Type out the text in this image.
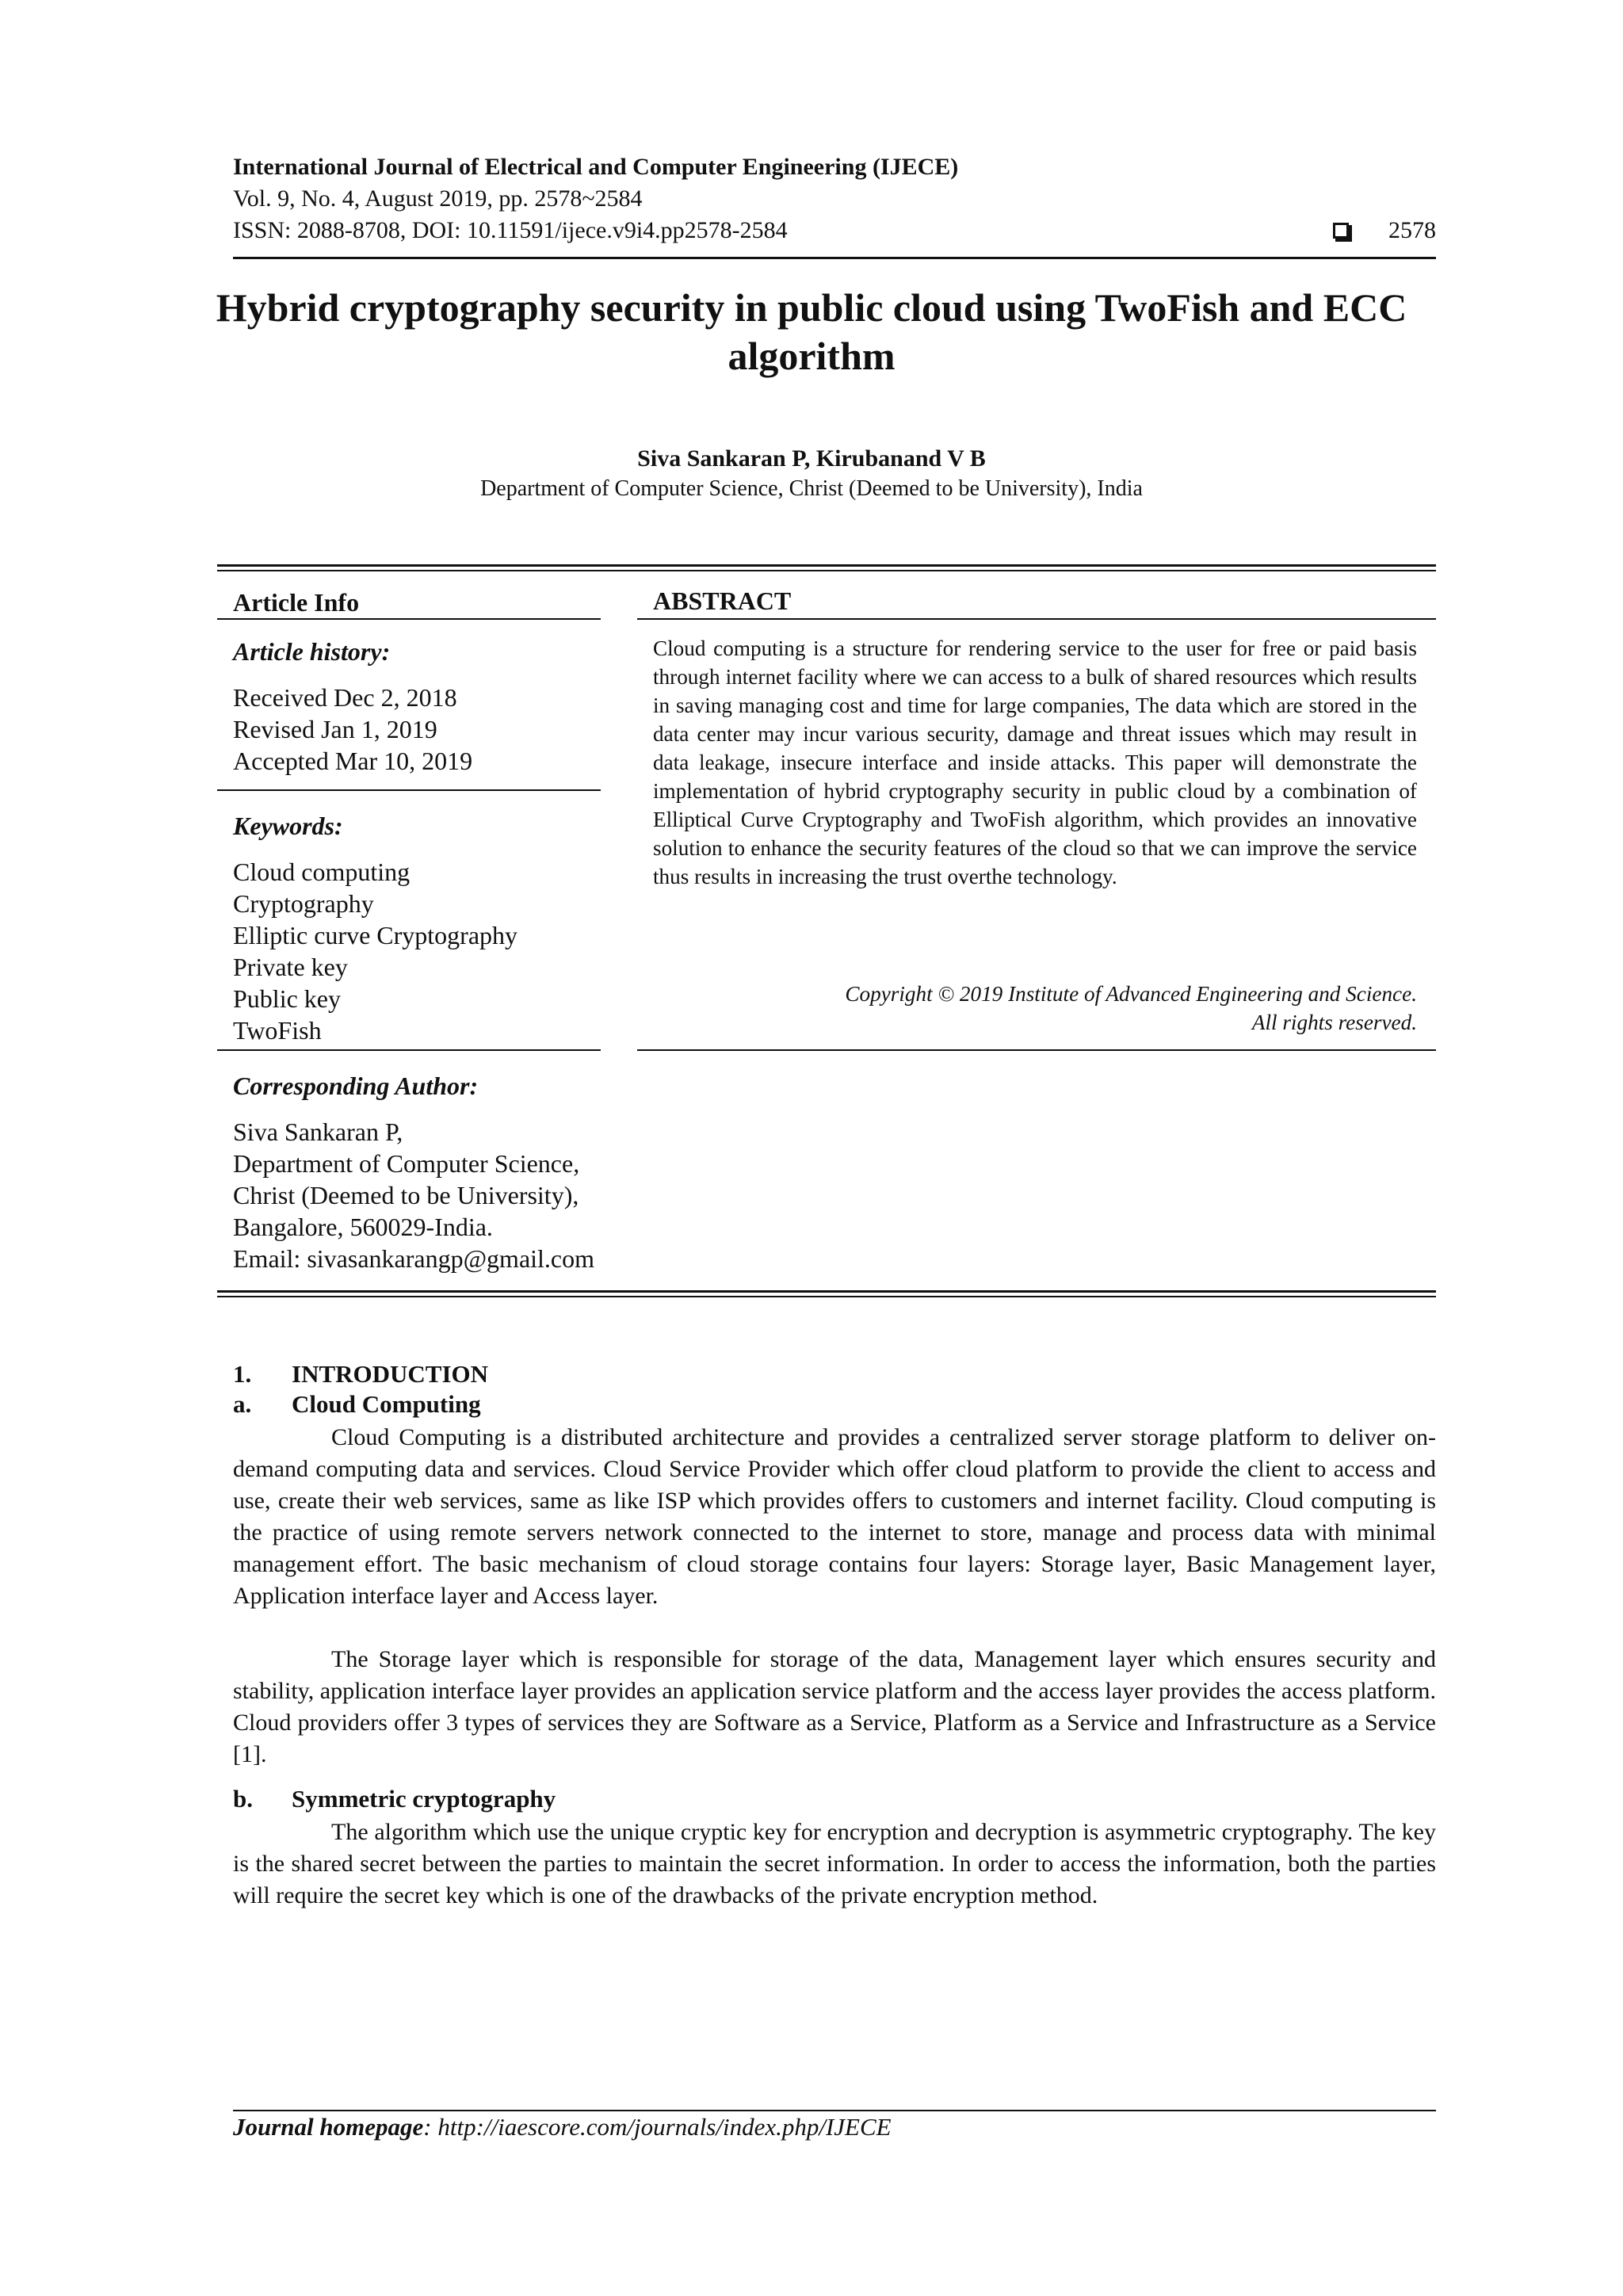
International Journal of Electrical and Computer Engineering (IJECE)
Vol. 9, No. 4, August 2019, pp. 2578~2584
ISSN: 2088-8708, DOI: 10.11591/ijece.v9i4.pp2578-2584	2578
Hybrid cryptography security in public cloud using TwoFish and ECC algorithm
Siva Sankaran P, Kirubanand V B
Department of Computer Science, Christ (Deemed to be University), India
Article Info
Article history:
Received Dec 2, 2018
Revised Jan 1, 2019
Accepted Mar 10, 2019
Keywords:
Cloud computing
Cryptography
Elliptic curve Cryptography
Private key
Public key
TwoFish
Corresponding Author:
Siva Sankaran P,
Department of Computer Science,
Christ (Deemed to be University),
Bangalore, 560029-India.
Email: sivasankarangp@gmail.com
ABSTRACT
Cloud computing is a structure for rendering service to the user for free or paid basis through internet facility where we can access to a bulk of shared resources which results in saving managing cost and time for large companies, The data which are stored in the data center may incur various security, damage and threat issues which may result in data leakage, insecure interface and inside attacks. This paper will demonstrate the implementation of hybrid cryptography security in public cloud by a combination of Elliptical Curve Cryptography and TwoFish algorithm, which provides an innovative solution to enhance the security features of the cloud so that we can improve the service thus results in increasing the trust overthe technology.
Copyright © 2019 Institute of Advanced Engineering and Science.
All rights reserved.
1.	INTRODUCTION
a.	Cloud Computing
Cloud Computing is a distributed architecture and provides a centralized server storage platform to deliver on-demand computing data and services. Cloud Service Provider which offer cloud platform to provide the client to access and use, create their web services, same as like ISP which provides offers to customers and internet facility. Cloud computing is the practice of using remote servers network connected to the internet to store, manage and process data with minimal management effort. The basic mechanism of cloud storage contains four layers: Storage layer, Basic Management layer, Application interface layer and Access layer.
The Storage layer which is responsible for storage of the data, Management layer which ensures security and stability, application interface layer provides an application service platform and the access layer provides the access platform. Cloud providers offer 3 types of services they are Software as a Service, Platform as a Service and Infrastructure as a Service [1].
b.	Symmetric cryptography
The algorithm which use the unique cryptic key for encryption and decryption is asymmetric cryptography. The key is the shared secret between the parties to maintain the secret information. In order to access the information, both the parties will require the secret key which is one of the drawbacks of the private encryption method.
Journal homepage: http://iaescore.com/journals/index.php/IJECE
